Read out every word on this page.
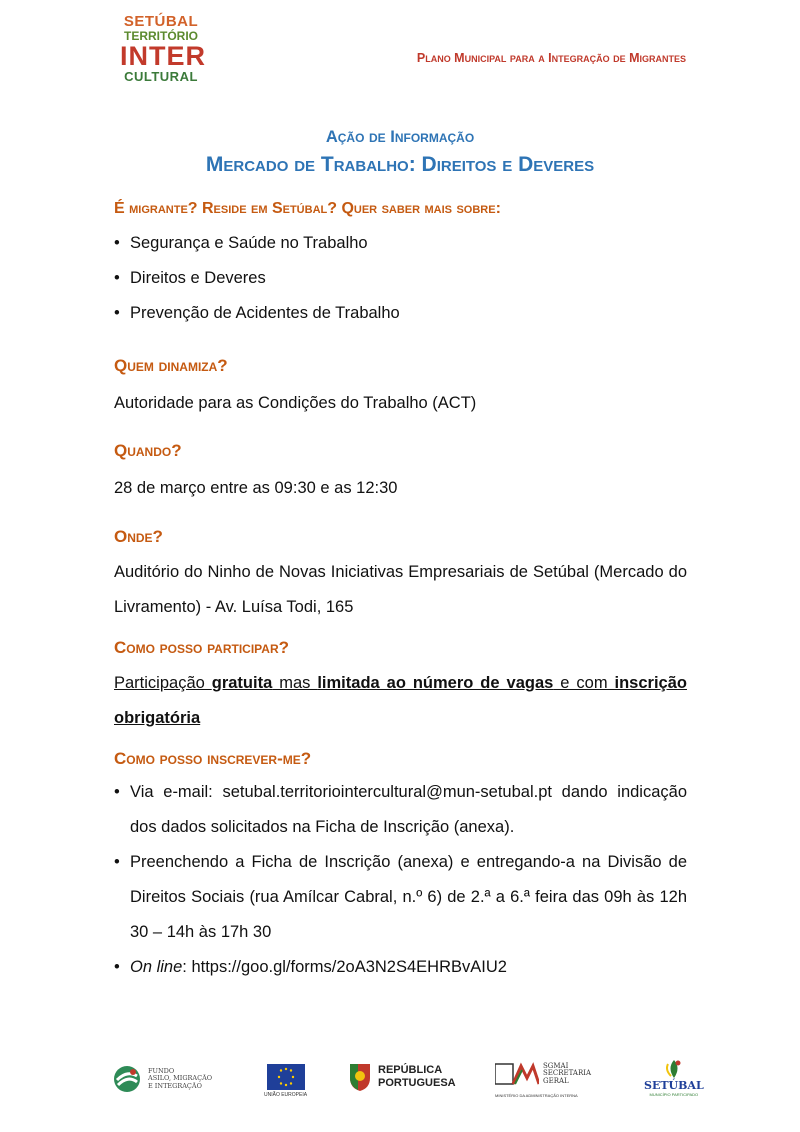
SETÚBAL
TERRITÓRIO
INTER
CULTURAL
Plano Municipal para a Integração de Migrantes
Ação de Informação
Mercado de Trabalho: Direitos e Deveres
É migrante? Reside em Setúbal? Quer saber mais sobre:
• Segurança e Saúde no Trabalho
• Direitos e Deveres
• Prevenção de Acidentes de Trabalho
Quem dinamiza?
Autoridade para as Condições do Trabalho (ACT)
Quando?
28 de março entre as 09:30 e as 12:30
Onde?
Auditório do Ninho de Novas Iniciativas Empresariais de Setúbal (Mercado do Livramento) - Av. Luísa Todi, 165
Como posso participar?
Participação gratuita mas limitada ao número de vagas e com inscrição obrigatória
Como posso inscrever-me?
• Via e-mail: setubal.territoriointercultural@mun-setubal.pt dando indicação dos dados solicitados na Ficha de Inscrição (anexa).
• Preenchendo a Ficha de Inscrição (anexa) e entregando-a na Divisão de Direitos Sociais (rua Amílcar Cabral, n.º 6) de 2.ª a 6.ª feira das 09h às 12h 30 – 14h às 17h 30
• On line: https://goo.gl/forms/2oA3N2S4EHRBvAIU2
FUNDO
ASILO, MIGRAÇÃO
E INTEGRAÇÃO
UNIÃO EUROPEIA
REPÚBLICA
PORTUGUESA
SGMAI
SECRETARIA
GERAL
MINISTÉRIO DA ADMINISTRAÇÃO INTERNA
SETÚBAL
MUNICÍPIO PARTICIPADO
